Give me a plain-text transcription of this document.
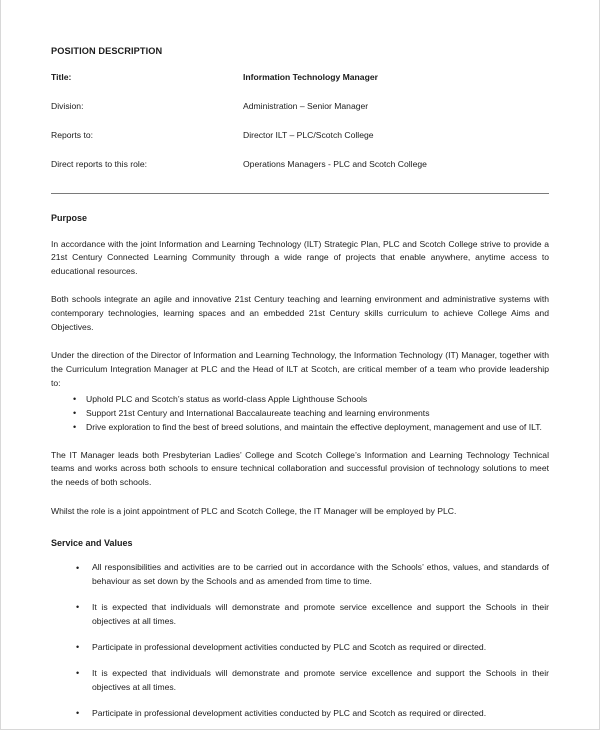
POSITION DESCRIPTION
Title:	Information Technology Manager
Division:	Administration – Senior Manager
Reports to:	Director ILT – PLC/Scotch College
Direct reports to this role:	Operations Managers - PLC and Scotch College
Purpose

In accordance with the joint Information and Learning Technology (ILT) Strategic Plan, PLC and Scotch College strive to provide a 21st Century Connected Learning Community through a wide range of projects that enable anywhere, anytime access to educational resources.

Both schools integrate an agile and innovative 21st Century teaching and learning environment and administrative systems with contemporary technologies, learning spaces and an embedded 21st Century skills curriculum to achieve College Aims and Objectives.

Under the direction of the Director of Information and Learning Technology, the Information Technology (IT) Manager, together with the Curriculum Integration Manager at PLC and the Head of ILT at Scotch, are critical member of a team who provide leadership to:

• Uphold PLC and Scotch’s status as world-class Apple Lighthouse Schools
• Support 21st Century and International Baccalaureate teaching and learning environments
• Drive exploration to find the best of breed solutions, and maintain the effective deployment, management and use of ILT.

The IT Manager leads both Presbyterian Ladies’ College and Scotch College’s Information and Learning Technology Technical teams and works across both schools to ensure technical collaboration and successful provision of technology solutions to meet the needs of both schools.

Whilst the role is a joint appointment of PLC and Scotch College, the IT Manager will be employed by PLC.

Service and Values
• All responsibilities and activities are to be carried out in accordance with the Schools’ ethos, values, and standards of behaviour as set down by the Schools and as amended from time to time.
• It is expected that individuals will demonstrate and promote service excellence and support the Schools in their objectives at all times.
• Participate in professional development activities conducted by PLC and Scotch as required or directed.
• It is expected that individuals will demonstrate and promote service excellence and support the Schools in their objectives at all times.
• Participate in professional development activities conducted by PLC and Scotch as required or directed.
